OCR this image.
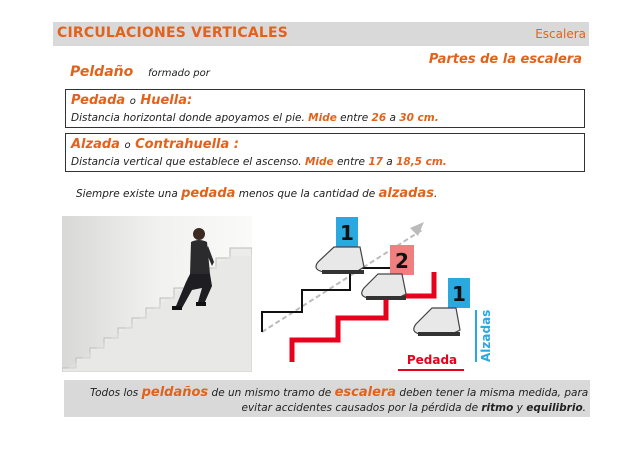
CIRCULACIONES VERTICALES	Escalera
Partes de la escalera
Peldaño formado por
Pedada o Huella:
Distancia horizontal donde apoyamos el pie. Mide entre 26 a 30 cm.
Alzada o Contrahuella :
Distancia vertical que establece el ascenso. Mide entre 17 a 18,5 cm.
Siempre existe una pedada menos que la cantidad de alzadas.
1
2
1
Pedada Alzadas
Todos los peldaños de un mismo tramo de escalera deben tener la misma medida, para
evitar accidentes causados por la pérdida de ritmo y equilibrio.
